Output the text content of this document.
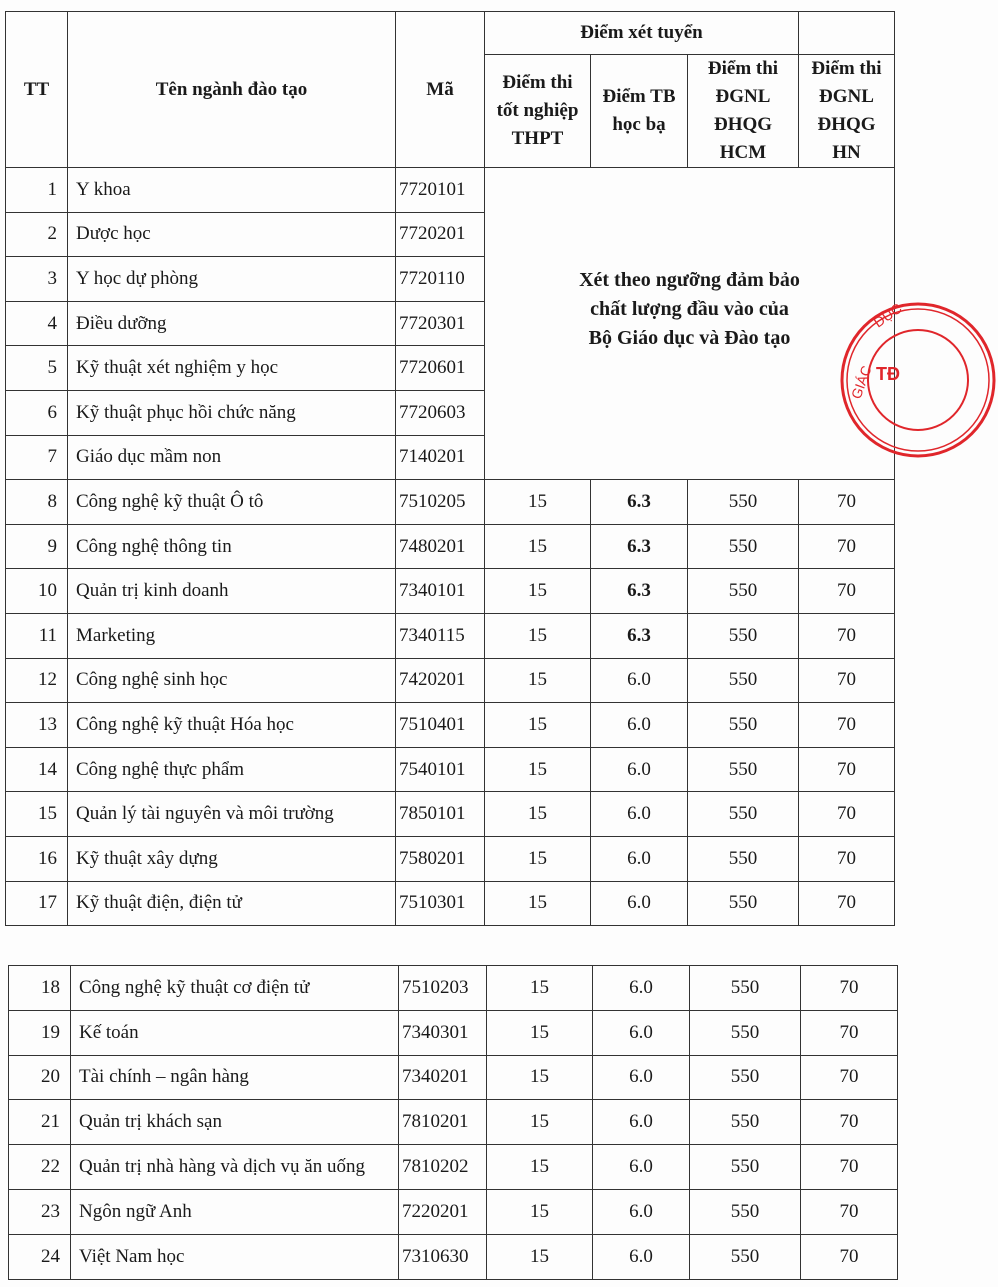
TT	Tên ngành đào tạo	Mã	Điểm xét tuyển	
Điểm thi
tốt nghiệp
THPT	Điểm TB
học bạ	Điểm thi
ĐGNL
ĐHQG
HCM	Điểm thi
ĐGNL
ĐHQG
HN
1	Y khoa	7720101	Xét theo ngưỡng đảm bảo
chất lượng đầu vào của
Bộ Giáo dục và Đào tạo
2	Dược học	7720201
3	Y học dự phòng	7720110
4	Điều dưỡng	7720301
5	Kỹ thuật xét nghiệm y học	7720601
6	Kỹ thuật phục hồi chức năng	7720603
7	Giáo dục mầm non	7140201
8	Công nghệ kỹ thuật Ô tô	7510205	15	6.3	550	70
9	Công nghệ thông tin	7480201	15	6.3	550	70
10	Quản trị kinh doanh	7340101	15	6.3	550	70
11	Marketing	7340115	15	6.3	550	70
12	Công nghệ sinh học	7420201	15	6.0	550	70
13	Công nghệ kỹ thuật Hóa học	7510401	15	6.0	550	70
14	Công nghệ thực phẩm	7540101	15	6.0	550	70
15	Quản lý tài nguyên và môi trường	7850101	15	6.0	550	70
16	Kỹ thuật xây dựng	7580201	15	6.0	550	70
17	Kỹ thuật điện, điện tử	7510301	15	6.0	550	70
18	Công nghệ kỹ thuật cơ điện tử	7510203	15	6.0	550	70
19	Kế toán	7340301	15	6.0	550	70
20	Tài chính – ngân hàng	7340201	15	6.0	550	70
21	Quản trị khách sạn	7810201	15	6.0	550	70
22	Quản trị nhà hàng và dịch vụ ăn uống	7810202	15	6.0	550	70
23	Ngôn ngữ Anh	7220201	15	6.0	550	70
24	Việt Nam học	7310630	15	6.0	550	70
GIÁC
DỤC
TĐ
